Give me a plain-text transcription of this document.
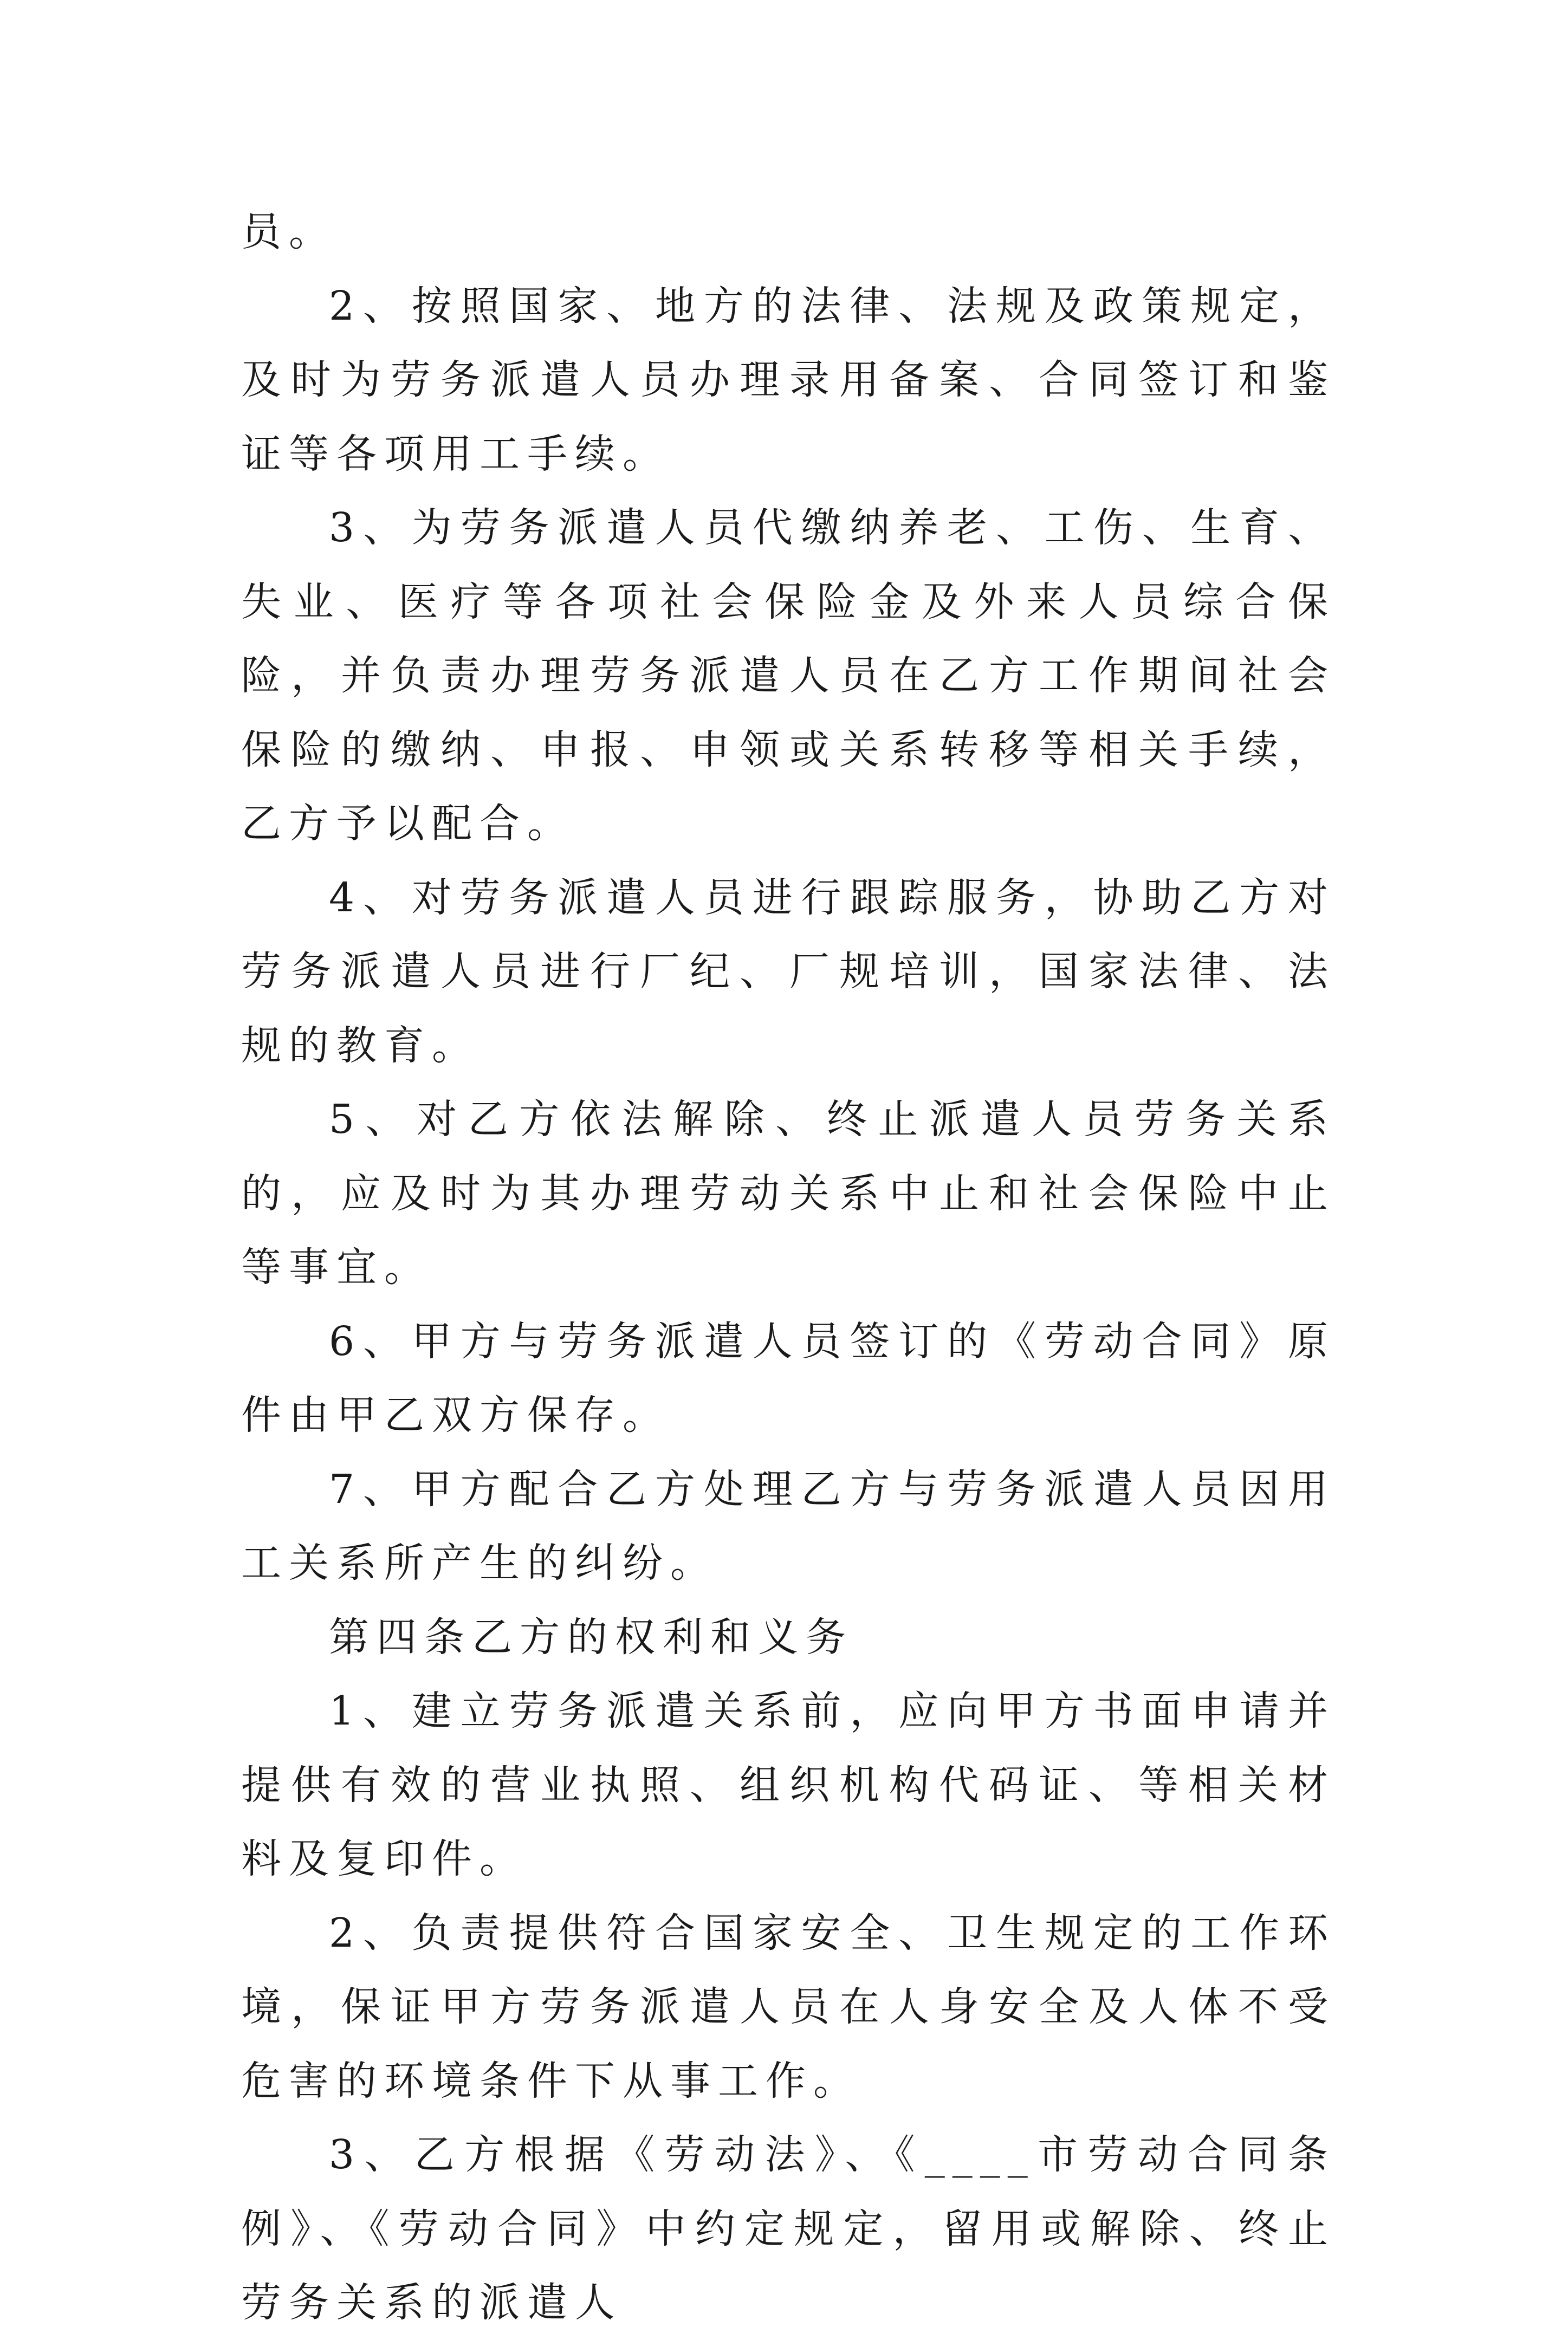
员。

2、按照国家、地方的法律、法规及政策规定，及时为劳务派遣人员办理录用备案、合同签订和鉴证等各项用工手续。

3、为劳务派遣人员代缴纳养老、工伤、生育、失业、医疗等各项社会保险金及外来人员综合保险，并负责办理劳务派遣人员在乙方工作期间社会保险的缴纳、申报、申领或关系转移等相关手续，乙方予以配合。

4、对劳务派遣人员进行跟踪服务，协助乙方对劳务派遣人员进行厂纪、厂规培训，国家法律、法规的教育。

5、对乙方依法解除、终止派遣人员劳务关系的，应及时为其办理劳动关系中止和社会保险中止等事宜。

6、甲方与劳务派遣人员签订的《劳动合同》原件由甲乙双方保存。

7、甲方配合乙方处理乙方与劳务派遣人员因用工关系所产生的纠纷。

第四条乙方的权利和义务

1、建立劳务派遣关系前，应向甲方书面申请并提供有效的营业执照、组织机构代码证、等相关材料及复印件。

2、负责提供符合国家安全、卫生规定的工作环境，保证甲方劳务派遣人员在人身安全及人体不受危害的环境条件下从事工作。

3、乙方根据《劳动法》、《____市劳动合同条例》、《劳动合同》中约定规定，留用或解除、终止劳务关系的派遣人
